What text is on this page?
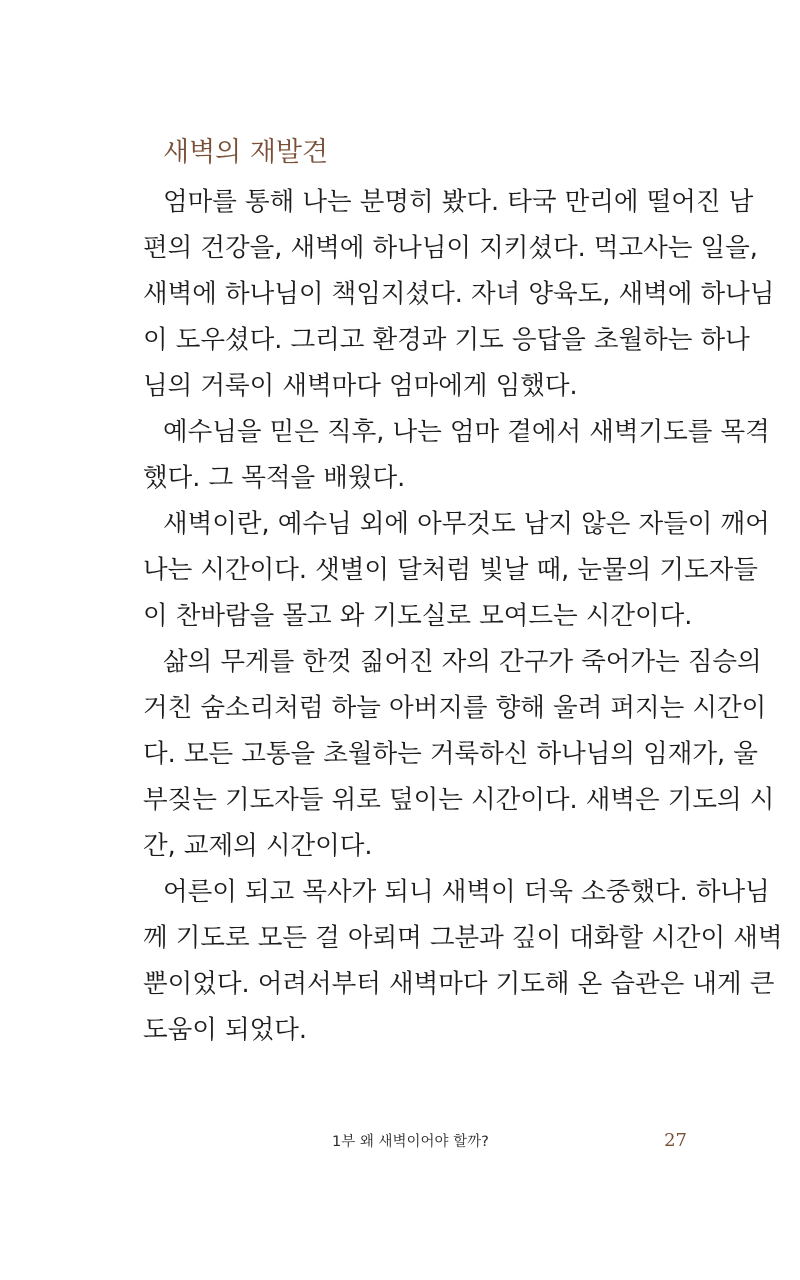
새벽의 재발견
엄마를 통해 나는 분명히 봤다. 타국 만리에 떨어진 남
편의 건강을, 새벽에 하나님이 지키셨다. 먹고사는 일을,
새벽에 하나님이 책임지셨다. 자녀 양육도, 새벽에 하나님
이 도우셨다. 그리고 환경과 기도 응답을 초월하는 하나
님의 거룩이 새벽마다 엄마에게 임했다.
예수님을 믿은 직후, 나는 엄마 곁에서 새벽기도를 목격
했다. 그 목적을 배웠다.
새벽이란, 예수님 외에 아무것도 남지 않은 자들이 깨어
나는 시간이다. 샛별이 달처럼 빛날 때, 눈물의 기도자들
이 찬바람을 몰고 와 기도실로 모여드는 시간이다.
삶의 무게를 한껏 짊어진 자의 간구가 죽어가는 짐승의
거친 숨소리처럼 하늘 아버지를 향해 울려 퍼지는 시간이
다. 모든 고통을 초월하는 거룩하신 하나님의 임재가, 울
부짖는 기도자들 위로 덮이는 시간이다. 새벽은 기도의 시
간, 교제의 시간이다.
어른이 되고 목사가 되니 새벽이 더욱 소중했다. 하나님
께 기도로 모든 걸 아뢰며 그분과 깊이 대화할 시간이 새벽
뿐이었다. 어려서부터 새벽마다 기도해 온 습관은 내게 큰
도움이 되었다.
1부 왜 새벽이어야 할까?	27
